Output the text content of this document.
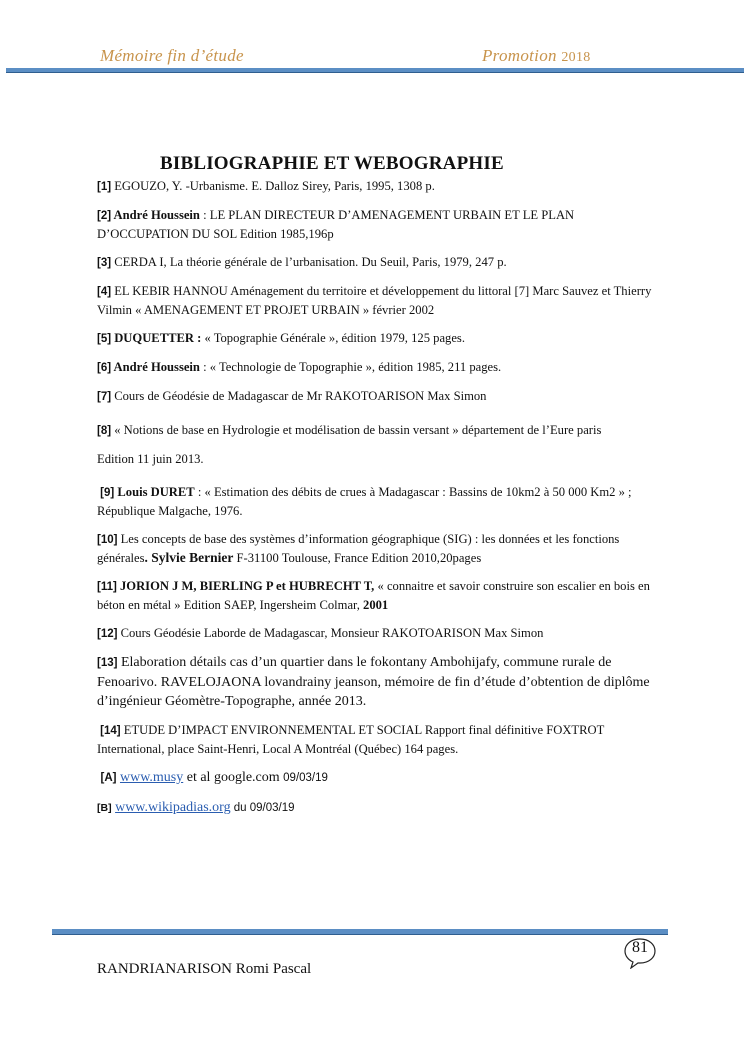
Mémoire fin d’étude	Promotion 2018
BIBLIOGRAPHIE ET WEBOGRAPHIE
[1] EGOUZO, Y. -Urbanisme. E. Dalloz Sirey, Paris, 1995, 1308 p.
[2] André Houssein : LE PLAN DIRECTEUR D’AMENAGEMENT URBAIN ET LE PLAN D’OCCUPATION DU SOL Edition 1985,196p
[3] CERDA I, La théorie générale de l’urbanisation. Du Seuil, Paris, 1979, 247 p.
[4] EL KEBIR HANNOU Aménagement du territoire et développement du littoral [7] Marc Sauvez et Thierry Vilmin « AMENAGEMENT ET PROJET URBAIN » février 2002
[5] DUQUETTER : « Topographie Générale », édition 1979, 125 pages.
[6] André Houssein : « Technologie de Topographie », édition 1985, 211 pages.
[7] Cours de Géodésie de Madagascar de Mr RAKOTOARISON Max Simon
[8] « Notions de base en Hydrologie et modélisation de bassin versant » département de l’Eure paris
Edition 11 juin 2013.
[9] Louis DURET : « Estimation des débits de crues à Madagascar : Bassins de 10km2 à 50 000 Km2 » ; République Malgache, 1976.
[10] Les concepts de base des systèmes d’information géographique (SIG) : les données et les fonctions générales. Sylvie Bernier F-31100 Toulouse, France Edition 2010,20pages
[11] JORION J M, BIERLING P et HUBRECHT T, « connaitre et savoir construire son escalier en bois en béton en métal » Edition SAEP, Ingersheim Colmar, 2001
[12] Cours Géodésie Laborde de Madagascar, Monsieur RAKOTOARISON Max Simon
[13] Elaboration détails cas d’un quartier dans le fokontany Ambohijafy, commune rurale de Fenoarivo. RAVELOJAONA lovandrainy jeanson, mémoire de fin d’étude d’obtention de diplôme d’ingénieur Géomètre-Topographe, année 2013.
[14] ETUDE D’IMPACT ENVIRONNEMENTAL ET SOCIAL Rapport final définitive FOXTROT International, place Saint-Henri, Local A Montréal (Québec) 164 pages.
[A] www.musy et al google.com 09/03/19
[B] www.wikipadias.org du 09/03/19
81
RANDRIANARISON Romi Pascal
